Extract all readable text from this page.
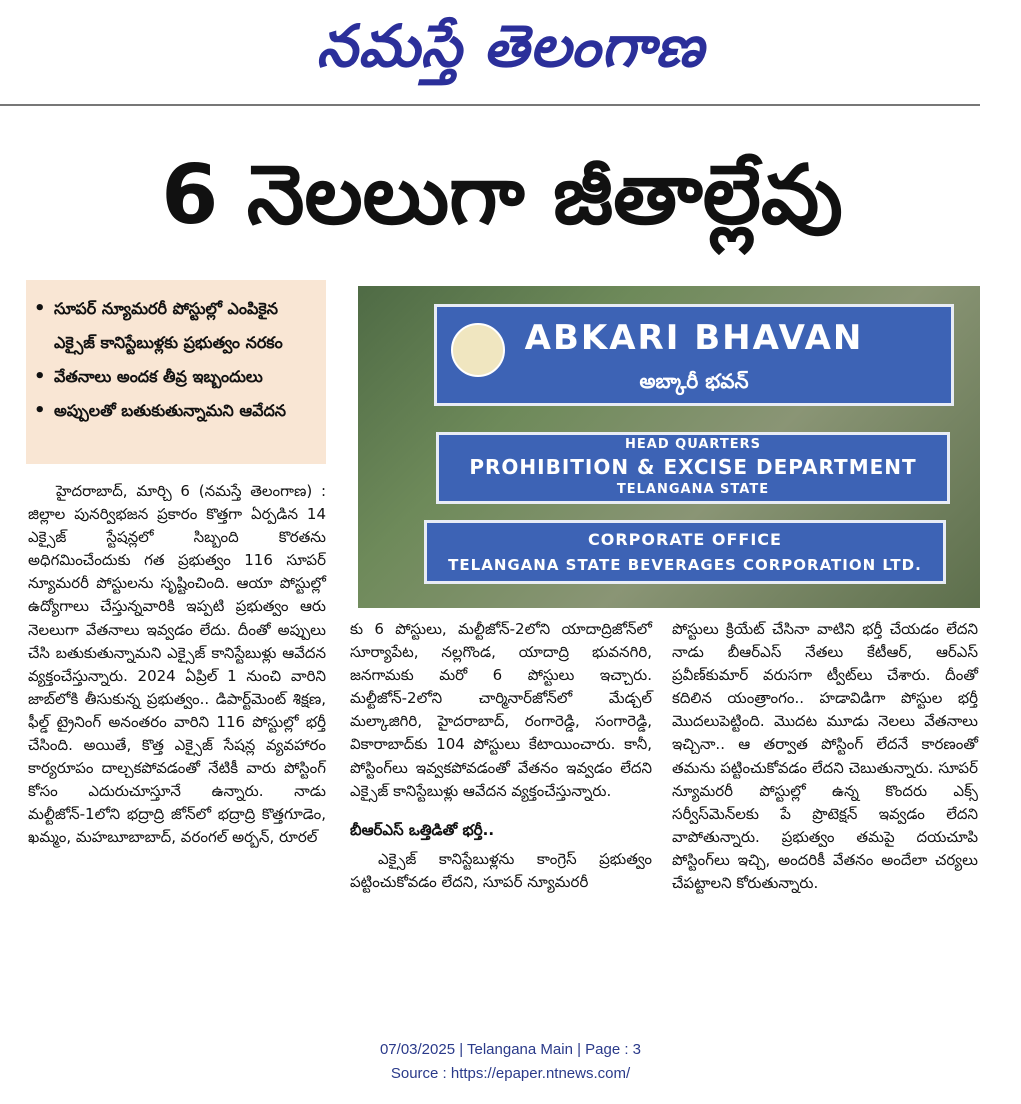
నమస్తే తెలంగాణ
6 నెలలుగా జీతాల్లేవు
• సూపర్ న్యూమరరీ పోస్టుల్లో ఎంపికైన ఎక్సైజ్ కానిస్టేబుళ్లకు ప్రభుత్వం నరకం
• వేతనాలు అందక తీవ్ర ఇబ్బందులు
• అప్పులతో బతుకుతున్నామని ఆవేదన
ABKARI BHAVAN
అబ్కారీ భవన్
HEAD QUARTERS
PROHIBITION & EXCISE DEPARTMENT
TELANGANA STATE
CORPORATE OFFICE
TELANGANA STATE BEVERAGES CORPORATION LTD.

హైదరాబాద్, మార్చి 6 (నమస్తే తెలంగాణ) : జిల్లాల పునర్విభజన ప్రకారం కొత్తగా ఏర్పడిన 14 ఎక్సైజ్ స్టేషన్లలో సిబ్బంది కొరతను అధిగమించేందుకు గత ప్రభుత్వం 116 సూపర్ న్యూమరరీ పోస్టులను సృష్టించింది. ఆయా పోస్టుల్లో ఉద్యోగాలు చేస్తున్నవారికి ఇప్పటి ప్రభుత్వం ఆరు నెలలుగా వేతనాలు ఇవ్వడం లేదు. దీంతో అప్పులు చేసి బతుకుతున్నామని ఎక్సైజ్ కానిస్టేబుళ్లు ఆవేదన వ్యక్తంచేస్తున్నారు. 2024 ఏప్రిల్ 1 నుంచి వారిని జాబ్‌లోకి తీసుకున్న ప్రభుత్వం.. డిపార్ట్‌మెంట్ శిక్షణ, ఫీల్డ్ ట్రైనింగ్ అనంతరం వారిని 116 పోస్టుల్లో భర్తీ చేసింది. అయితే, కొత్త ఎక్సైజ్ సేషన్ల వ్యవహారం కార్యరూపం దాల్చకపోవడంతో నేటికీ వారు పోస్టింగ్ కోసం ఎదురుచూస్తూనే ఉన్నారు. నాడు మల్టీజోన్-1లోని భద్రాద్రి జోన్‌లో భద్రాద్రి కొత్తగూడెం, ఖమ్మం, మహబూబాబాద్, వరంగల్ అర్బన్, రూరల్

కు 6 పోస్టులు, మల్టీజోన్-2లోని యాదాద్రిజోన్‌లో సూర్యాపేట, నల్లగొండ, యాదాద్రి భువనగిరి, జనగామకు మరో 6 పోస్టులు ఇచ్చారు. మల్టీజోన్-2లోని చార్మినార్‌జోన్‌లో మేడ్చల్ మల్కాజిగిరి, హైదరాబాద్, రంగారెడ్డి, సంగారెడ్డి, వికారాబాద్‌కు 104 పోస్టులు కేటాయించారు. కానీ, పోస్టింగ్‌లు ఇవ్వకపోవడంతో వేతనం ఇవ్వడం లేదని ఎక్సైజ్ కానిస్టేబుళ్లు ఆవేదన వ్యక్తంచేస్తున్నారు.

బీఆర్ఎస్ ఒత్తిడితో భర్తీ..

ఎక్సైజ్ కానిస్టేబుళ్లను కాంగ్రెస్ ప్రభుత్వం పట్టించుకోవడం లేదని, సూపర్ న్యూమరరీ

పోస్టులు క్రియేట్ చేసినా వాటిని భర్తీ చేయడం లేదని నాడు బీఆర్ఎస్ నేతలు కేటీఆర్, ఆర్ఎస్ ప్రవీణ్‌కుమార్ వరుసగా ట్వీట్‌లు చేశారు. దీంతో కదిలిన యంత్రాంగం.. హడావిడిగా పోస్టుల భర్తీ మొదలుపెట్టింది. మొదట మూడు నెలలు వేతనాలు ఇచ్చినా.. ఆ తర్వాత పోస్టింగ్ లేదనే కారణంతో తమను పట్టించుకోవడం లేదని చెబుతున్నారు. సూపర్ న్యూమరరీ పోస్టుల్లో ఉన్న కొందరు ఎక్స్ సర్వీస్‌మెన్‌లకు పే ప్రొటెక్షన్ ఇవ్వడం లేదని వాపోతున్నారు. ప్రభుత్వం తమపై దయచూపి పోస్టింగ్‌లు ఇచ్చి, అందరికీ వేతనం అందేలా చర్యలు చేపట్టాలని కోరుతున్నారు.

07/03/2025 | Telangana Main | Page : 3
Source : https://epaper.ntnews.com/
